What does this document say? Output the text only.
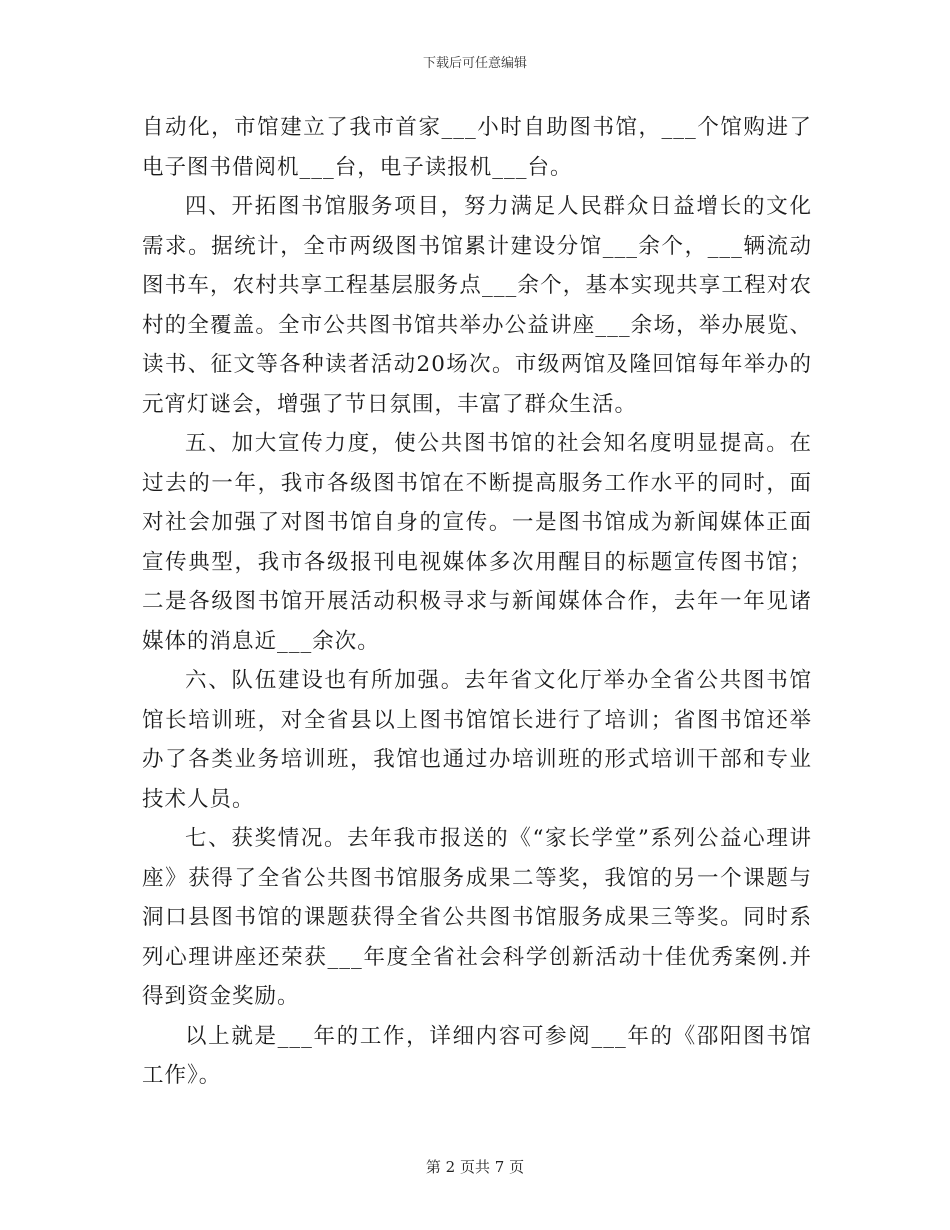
下载后可任意编辑

自动化，市馆建立了我市首家___小时自助图书馆，___个馆购进了电子图书借阅机___台，电子读报机___台。

四、开拓图书馆服务项目，努力满足人民群众日益增长的文化需求。据统计，全市两级图书馆累计建设分馆___余个，___辆流动图书车，农村共享工程基层服务点___余个，基本实现共享工程对农村的全覆盖。全市公共图书馆共举办公益讲座___余场，举办展览、读书、征文等各种读者活动20场次。市级两馆及隆回馆每年举办的元宵灯谜会，增强了节日氛围，丰富了群众生活。

五、加大宣传力度，使公共图书馆的社会知名度明显提高。在过去的一年，我市各级图书馆在不断提高服务工作水平的同时，面对社会加强了对图书馆自身的宣传。一是图书馆成为新闻媒体正面宣传典型，我市各级报刊电视媒体多次用醒目的标题宣传图书馆；二是各级图书馆开展活动积极寻求与新闻媒体合作，去年一年见诸媒体的消息近___余次。

六、队伍建设也有所加强。去年省文化厅举办全省公共图书馆馆长培训班，对全省县以上图书馆馆长进行了培训；省图书馆还举办了各类业务培训班，我馆也通过办培训班的形式培训干部和专业技术人员。

七、获奖情况。去年我市报送的《“家长学堂”系列公益心理讲座》获得了全省公共图书馆服务成果二等奖，我馆的另一个课题与洞口县图书馆的课题获得全省公共图书馆服务成果三等奖。同时系列心理讲座还荣获___年度全省社会科学创新活动十佳优秀案例.并得到资金奖励。

以上就是___年的工作，详细内容可参阅___年的《邵阳图书馆工作》。

第 2 页共 7 页
